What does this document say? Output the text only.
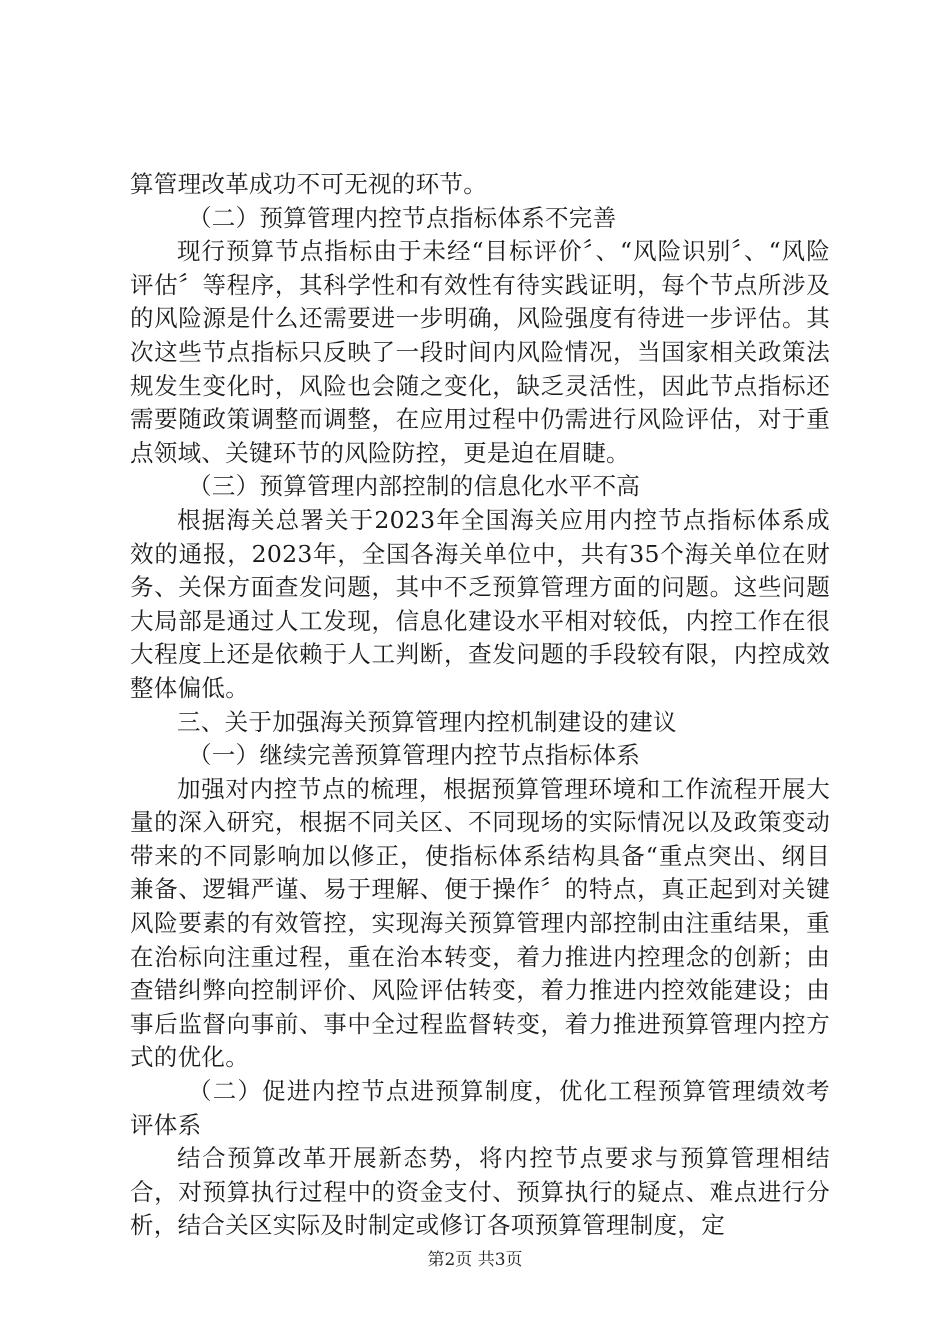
算管理改革成功不可无视的环节。

（二）预算管理内控节点指标体系不完善

现行预算节点指标由于未经“目标评价〞、“风险识别〞、“风险评估〞等程序，其科学性和有效性有待实践证明，每个节点所涉及的风险源是什么还需要进一步明确，风险强度有待进一步评估。其次这些节点指标只反映了一段时间内风险情况，当国家相关政策法规发生变化时，风险也会随之变化，缺乏灵活性，因此节点指标还需要随政策调整而调整，在应用过程中仍需进行风险评估，对于重点领域、关键环节的风险防控，更是迫在眉睫。

（三）预算管理内部控制的信息化水平不高

根据海关总署关于2023年全国海关应用内控节点指标体系成效的通报，2023年，全国各海关单位中，共有35个海关单位在财务、关保方面查发问题，其中不乏预算管理方面的问题。这些问题大局部是通过人工发现，信息化建设水平相对较低，内控工作在很大程度上还是依赖于人工判断，查发问题的手段较有限，内控成效整体偏低。

三、关于加强海关预算管理内控机制建设的建议

（一）继续完善预算管理内控节点指标体系

加强对内控节点的梳理，根据预算管理环境和工作流程开展大量的深入研究，根据不同关区、不同现场的实际情况以及政策变动带来的不同影响加以修正，使指标体系结构具备“重点突出、纲目兼备、逻辑严谨、易于理解、便于操作〞的特点，真正起到对关键风险要素的有效管控，实现海关预算管理内部控制由注重结果，重在治标向注重过程，重在治本转变，着力推进内控理念的创新；由查错纠弊向控制评价、风险评估转变，着力推进内控效能建设；由事后监督向事前、事中全过程监督转变，着力推进预算管理内控方式的优化。

（二）促进内控节点进预算制度，优化工程预算管理绩效考评体系

结合预算改革开展新态势，将内控节点要求与预算管理相结合，对预算执行过程中的资金支付、预算执行的疑点、难点进行分析，结合关区实际及时制定或修订各项预算管理制度，定

第2页 共3页
